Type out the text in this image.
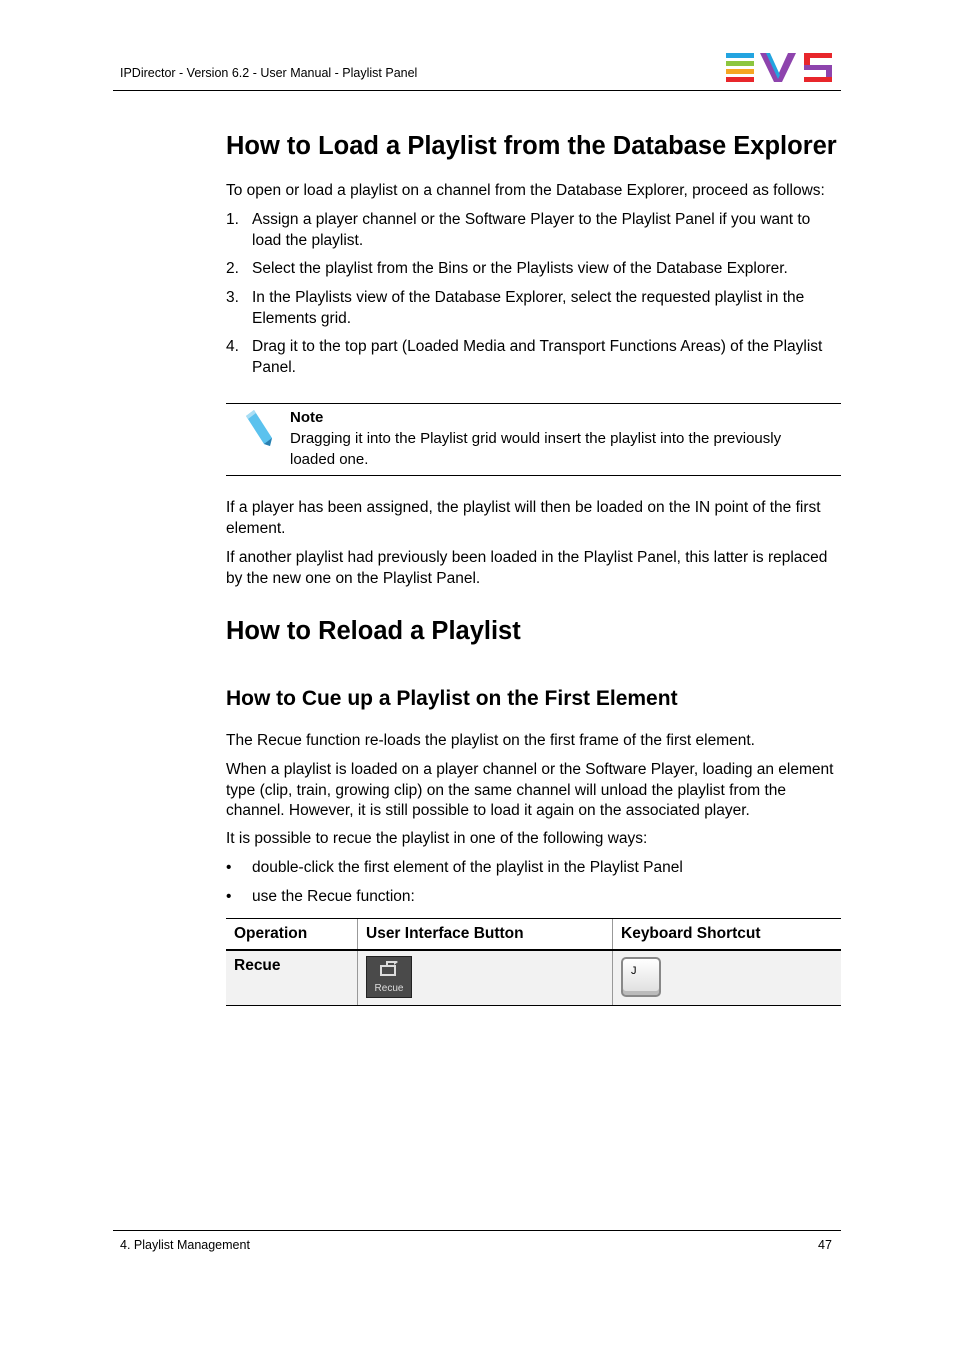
IPDirector - Version 6.2 - User Manual - Playlist Panel
How to Load a Playlist from the Database Explorer
To open or load a playlist on a channel from the Database Explorer, proceed as follows:
1. Assign a player channel or the Software Player to the Playlist Panel if you want to load the playlist.
2. Select the playlist from the Bins or the Playlists view of the Database Explorer.
3. In the Playlists view of the Database Explorer, select the requested playlist in the Elements grid.
4. Drag it to the top part (Loaded Media and Transport Functions Areas) of the Playlist Panel.
Note
Dragging it into the Playlist grid would insert the playlist into the previously loaded one.
If a player has been assigned, the playlist will then be loaded on the IN point of the first element.
If another playlist had previously been loaded in the Playlist Panel, this latter is replaced by the new one on the Playlist Panel.
How to Reload a Playlist
How to Cue up a Playlist on the First Element
The Recue function re-loads the playlist on the first frame of the first element.
When a playlist is loaded on a player channel or the Software Player, loading an element type (clip, train, growing clip) on the same channel will unload the playlist from the channel. However, it is still possible to load it again on the associated player.
It is possible to recue the playlist in one of the following ways:
•	double-click the first element of the playlist in the Playlist Panel
•	use the Recue function:
Operation	User Interface Button	Keyboard Shortcut
Recue	Recue	J
4. Playlist Management	47
